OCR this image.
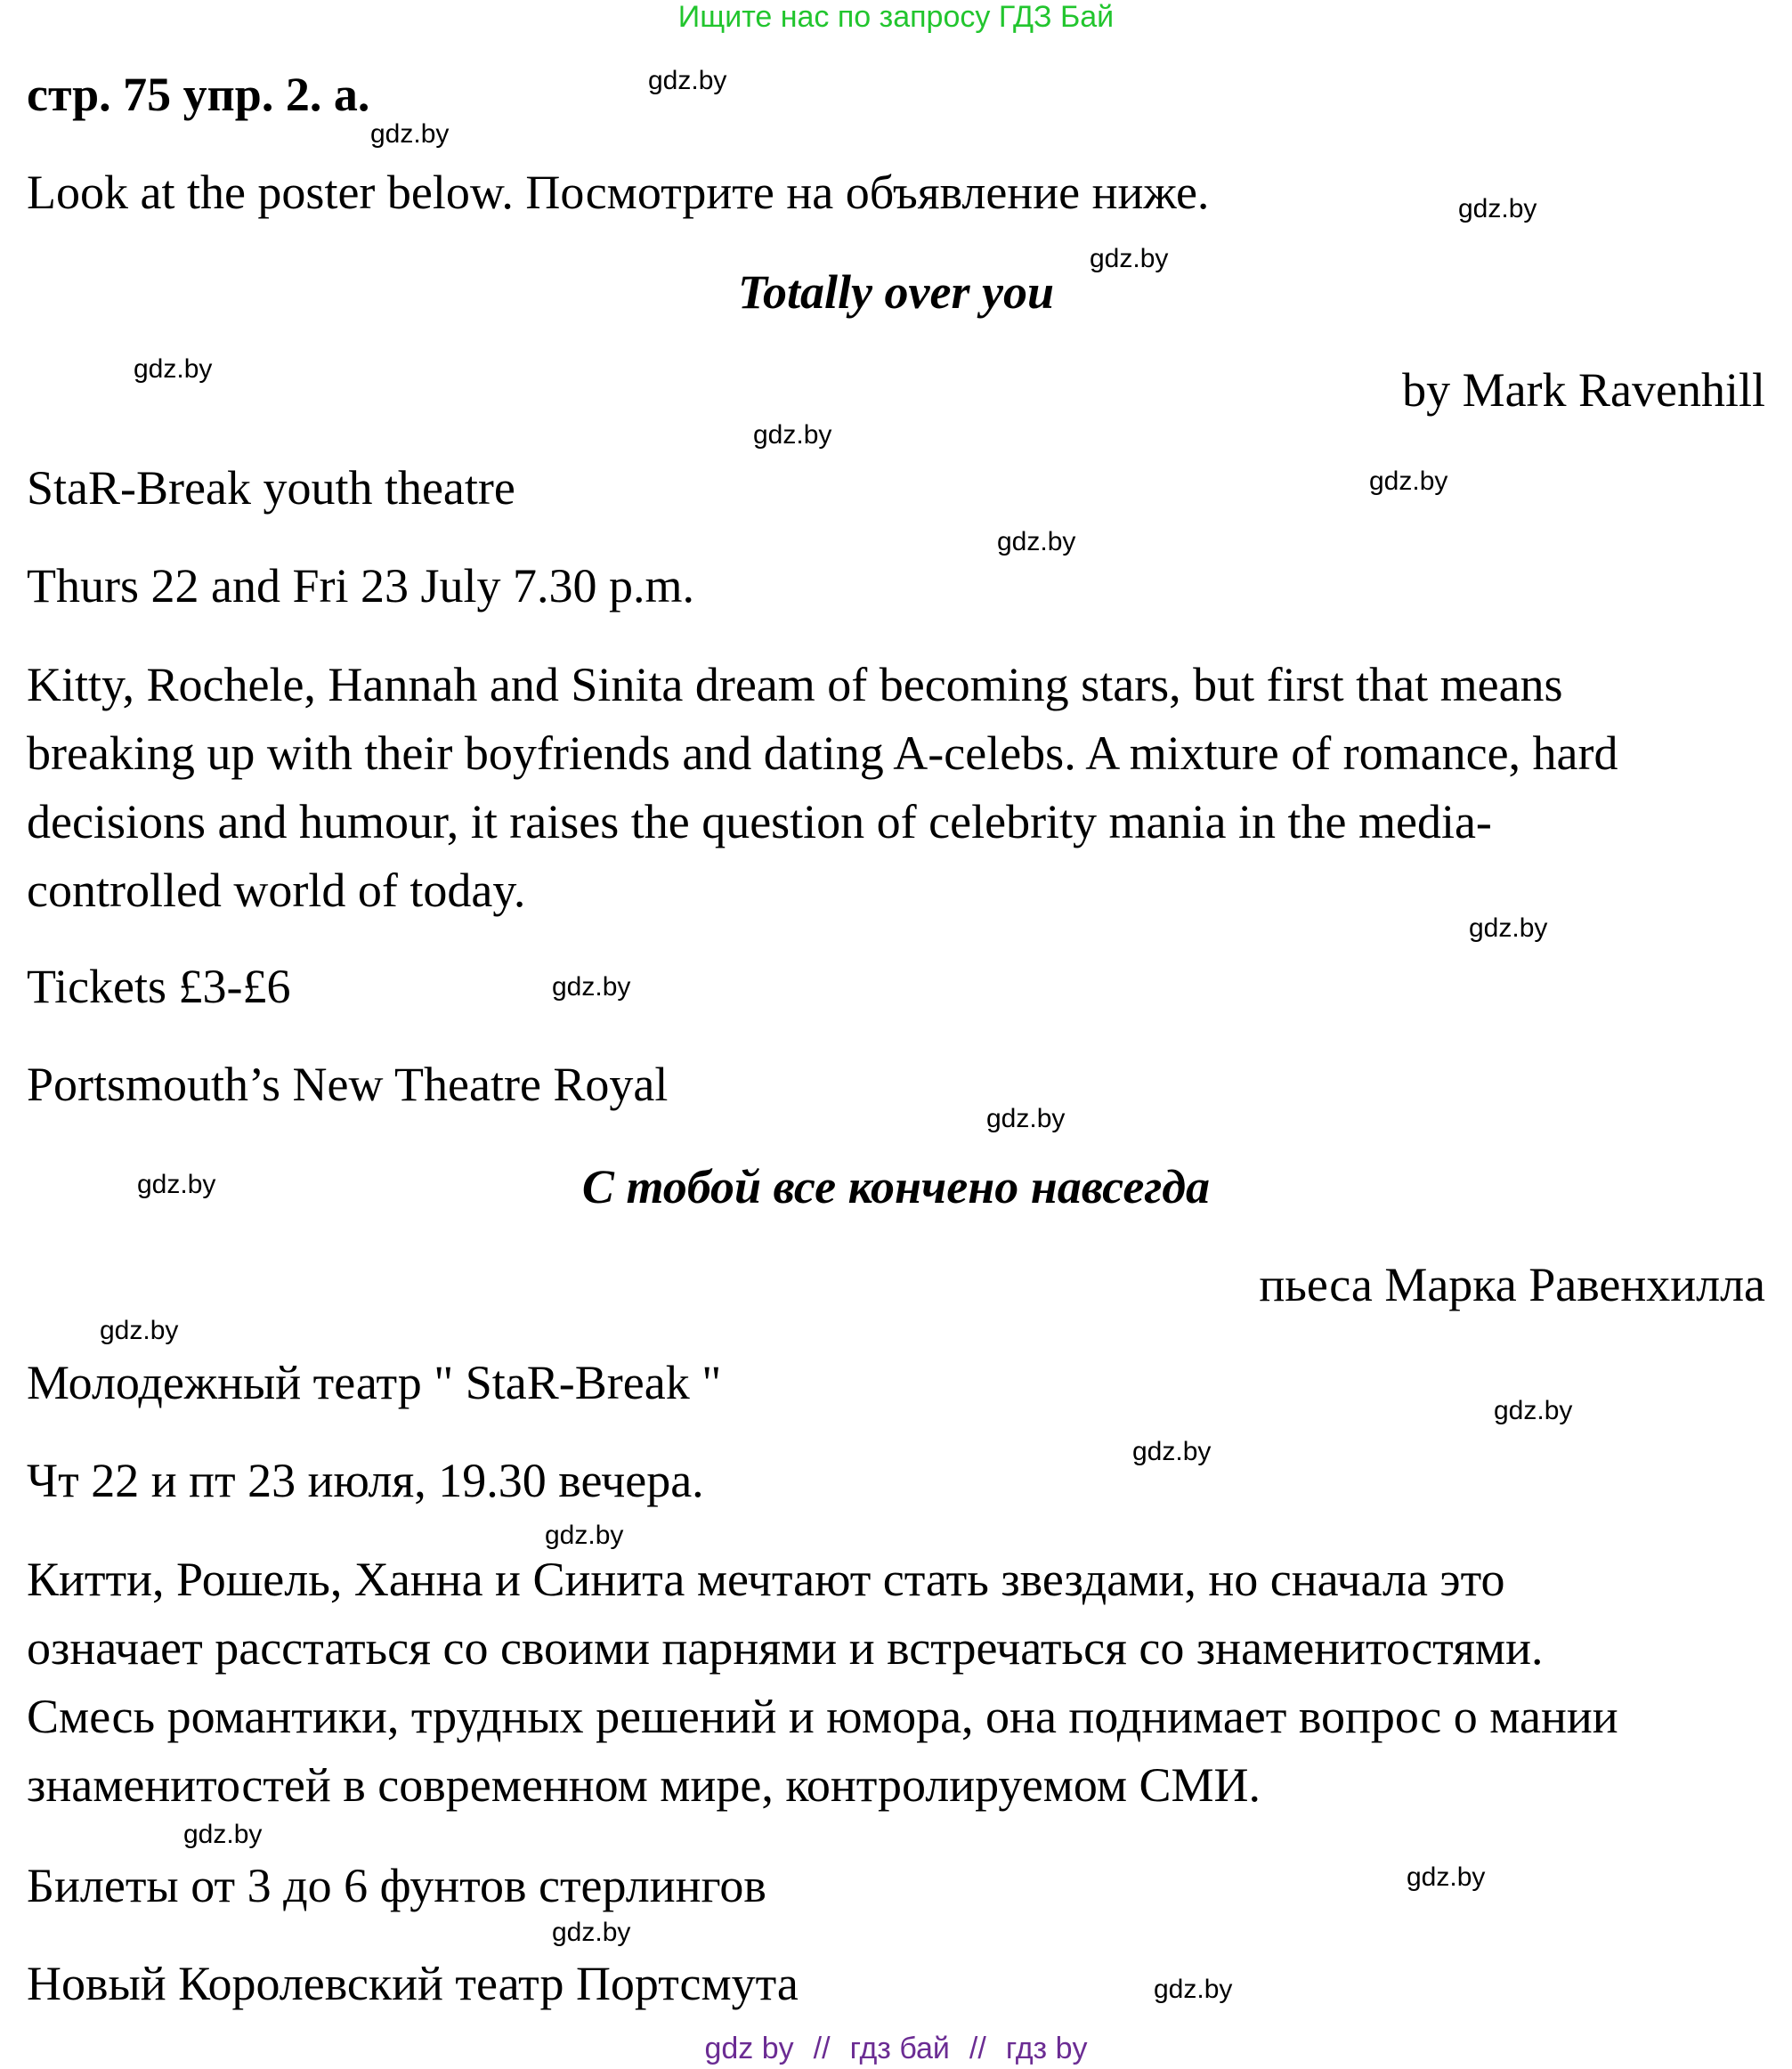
Ищите нас по запросу ГДЗ Бай
стр. 75 упр. 2. а.
Look at the poster below. Посмотрите на объявление ниже.
Totally over you
by Mark Ravenhill
StaR-Break youth theatre
Thurs 22 and Fri 23 July 7.30 p.m.
Kitty, Rochele, Hannah and Sinita dream of becoming stars, but first that means
breaking up with their boyfriends and dating A-celebs. A mixture of romance, hard
decisions and humour, it raises the question of celebrity mania in the media-
controlled world of today.
Tickets £3-£6
Portsmouth’s New Theatre Royal
С тобой все кончено навсегда
пьеса Марка Равенхилла
Молодежный театр " StaR-Break "
Чт 22 и пт 23 июля, 19.30 вечера.
Китти, Рошель, Ханна и Синита мечтают стать звездами, но сначала это
означает расстаться со своими парнями и встречаться со знаменитостями.
Смесь романтики, трудных решений и юмора, она поднимает вопрос о мании
знаменитостей в современном мире, контролируемом СМИ.
Билеты от 3 до 6 фунтов стерлингов
Новый Королевский театр Портсмута
gdz.by
gdz.by
gdz.by
gdz.by
gdz.by
gdz.by
gdz.by
gdz.by
gdz.by
gdz.by
gdz.by
gdz.by
gdz.by
gdz.by
gdz.by
gdz.by
gdz.by
gdz.by
gdz.by
gdz.by
gdz by // гдз бай // гдз by
